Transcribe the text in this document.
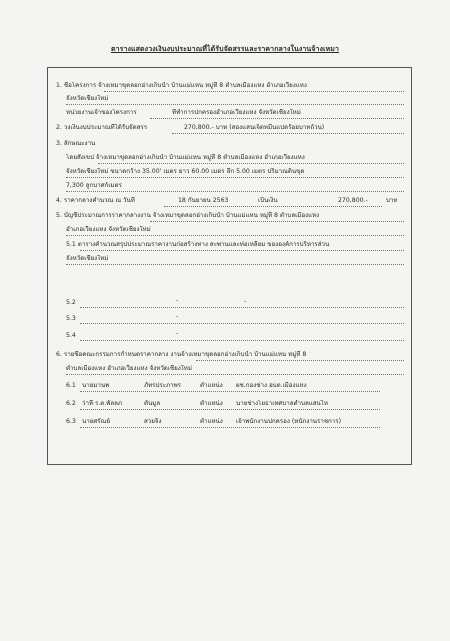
ตารางแสดงวงเงินงบประมาณที่ได้รับจัดสรรและราคากลางในงานจ้างเหมา
1. ชื่อโครงการ จ้างเหมาขุดลอกอ่างเก็บน้ำ บ้านแม่แหน หมู่ที่ 8 ตำบลเมืองแหง อำเภอเวียงแหง
จังหวัดเชียงใหม่
หน่วยงานเจ้าของโครงการ	ที่ทำการปกครองอำเภอเวียงแหง จังหวัดเชียงใหม่
2. วงเงินงบประมาณที่ได้รับจัดสรร	270,800.- บาท (สองแสนเจ็ดหมื่นแปดร้อยบาทถ้วน)
3. ลักษณะงาน
โดยสังเขป จ้างเหมาขุดลอกอ่างเก็บน้ำ บ้านแม่แหน หมู่ที่ 8 ตำบลเมืองแหง อำเภอเวียงแหง
จังหวัดเชียงใหม่ ขนาดกว้าง 35.00' เมตร ยาว 60.00 เมตร ลึก 5.00 เมตร ปริมาณดินขุด
7,300 ลูกบาศก์เมตร
4. ราคากลางคำนวณ ณ วันที่	18 กันยายน 2563	เป็นเงิน	270,800.-	บาท
5. บัญชีประมาณการราคากลางงาน จ้างเหมาขุดลอกอ่างเก็บน้ำ บ้านแม่แหน หมู่ที่ 8 ตำบลเมืองแหง
อำเภอเวียงแหง จังหวัดเชียงใหม่
5.1 ตารางคำนวณสรุปประมาณราคางานก่อสร้างทาง สะพานและท่อเหลี่ยม ขององค์การบริหารส่วน
จังหวัดเชียงใหม่
5.2	-	-
5.3	-
5.4	-
6. รายชื่อคณะกรรมการกำหนดราคากลาง งานจ้างเหมาขุดลอกอ่างเก็บน้ำ บ้านแม่แหน หมู่ที่ 8
ตำบลเมืองแหง อำเภอเวียงแหง จังหวัดเชียงใหม่
6.1 นายมานพ	ภัทรประภาพร	ตำแหน่ง ผช.กองช่าง อบต.เมืองแหง
6.2 ว่าที่ ร.ต.พัลลภ	ตั้นมูล	ตำแหน่ง นายช่างโยธาเทศบาลตำบลแสนไห
6.3 นายศรัณย์	สวยจิ้ง	ตำแหน่ง เจ้าพนักงานปกครอง (หนักงานราชการ)
